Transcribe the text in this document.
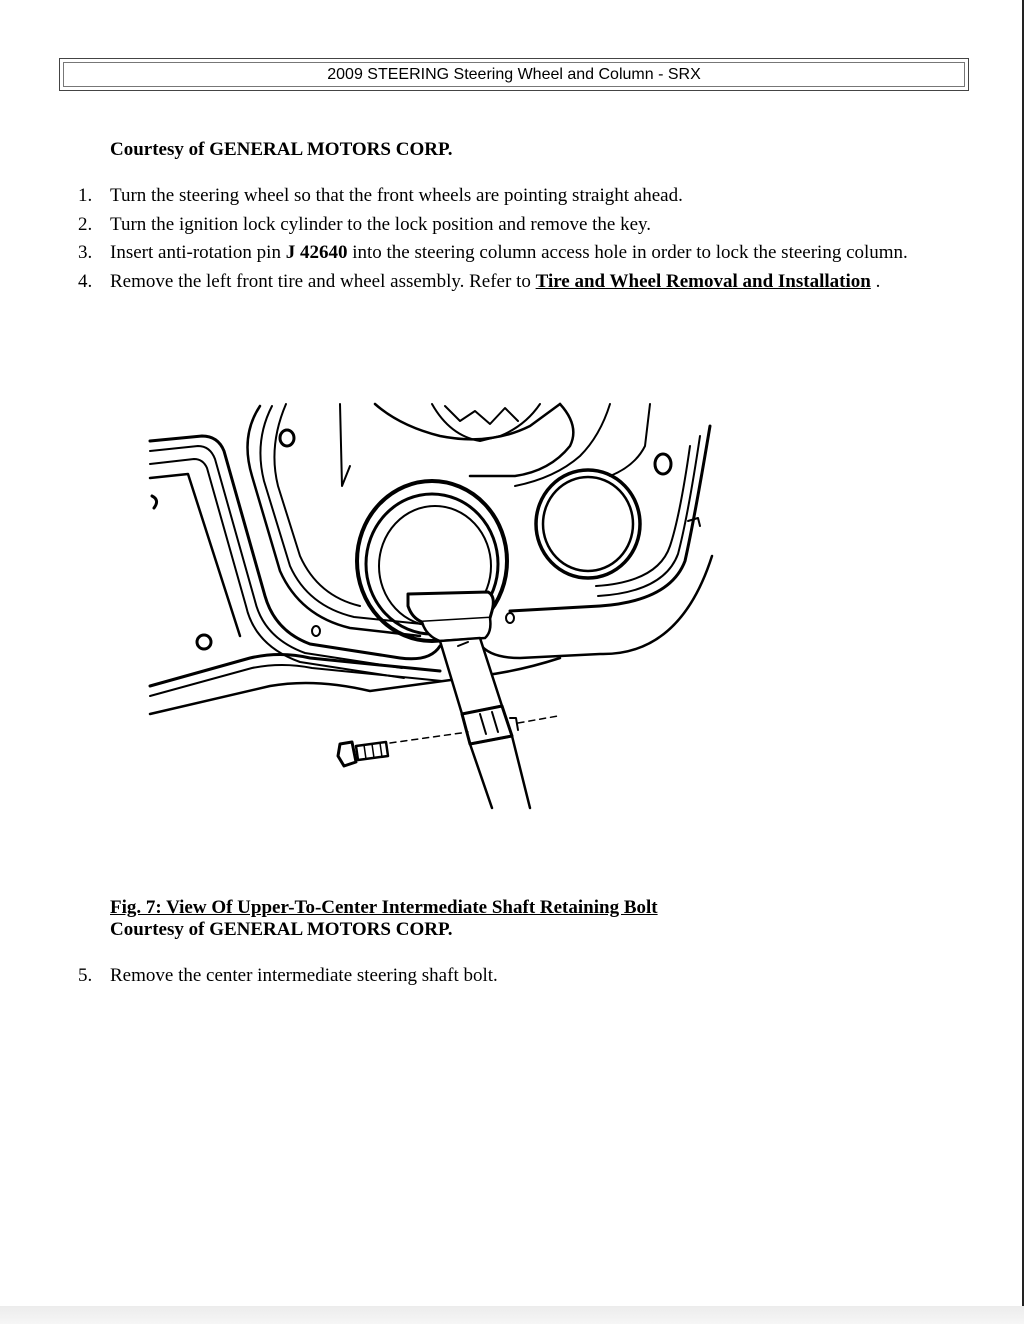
2009 STEERING Steering Wheel and Column - SRX
Courtesy of GENERAL MOTORS CORP.
1. Turn the steering wheel so that the front wheels are pointing straight ahead.
2. Turn the ignition lock cylinder to the lock position and remove the key.
3. Insert anti-rotation pin J 42640 into the steering column access hole in order to lock the steering column.
4. Remove the left front tire and wheel assembly. Refer to Tire and Wheel Removal and Installation .
Fig. 7: View Of Upper-To-Center Intermediate Shaft Retaining Bolt
Courtesy of GENERAL MOTORS CORP.
5. Remove the center intermediate steering shaft bolt.
